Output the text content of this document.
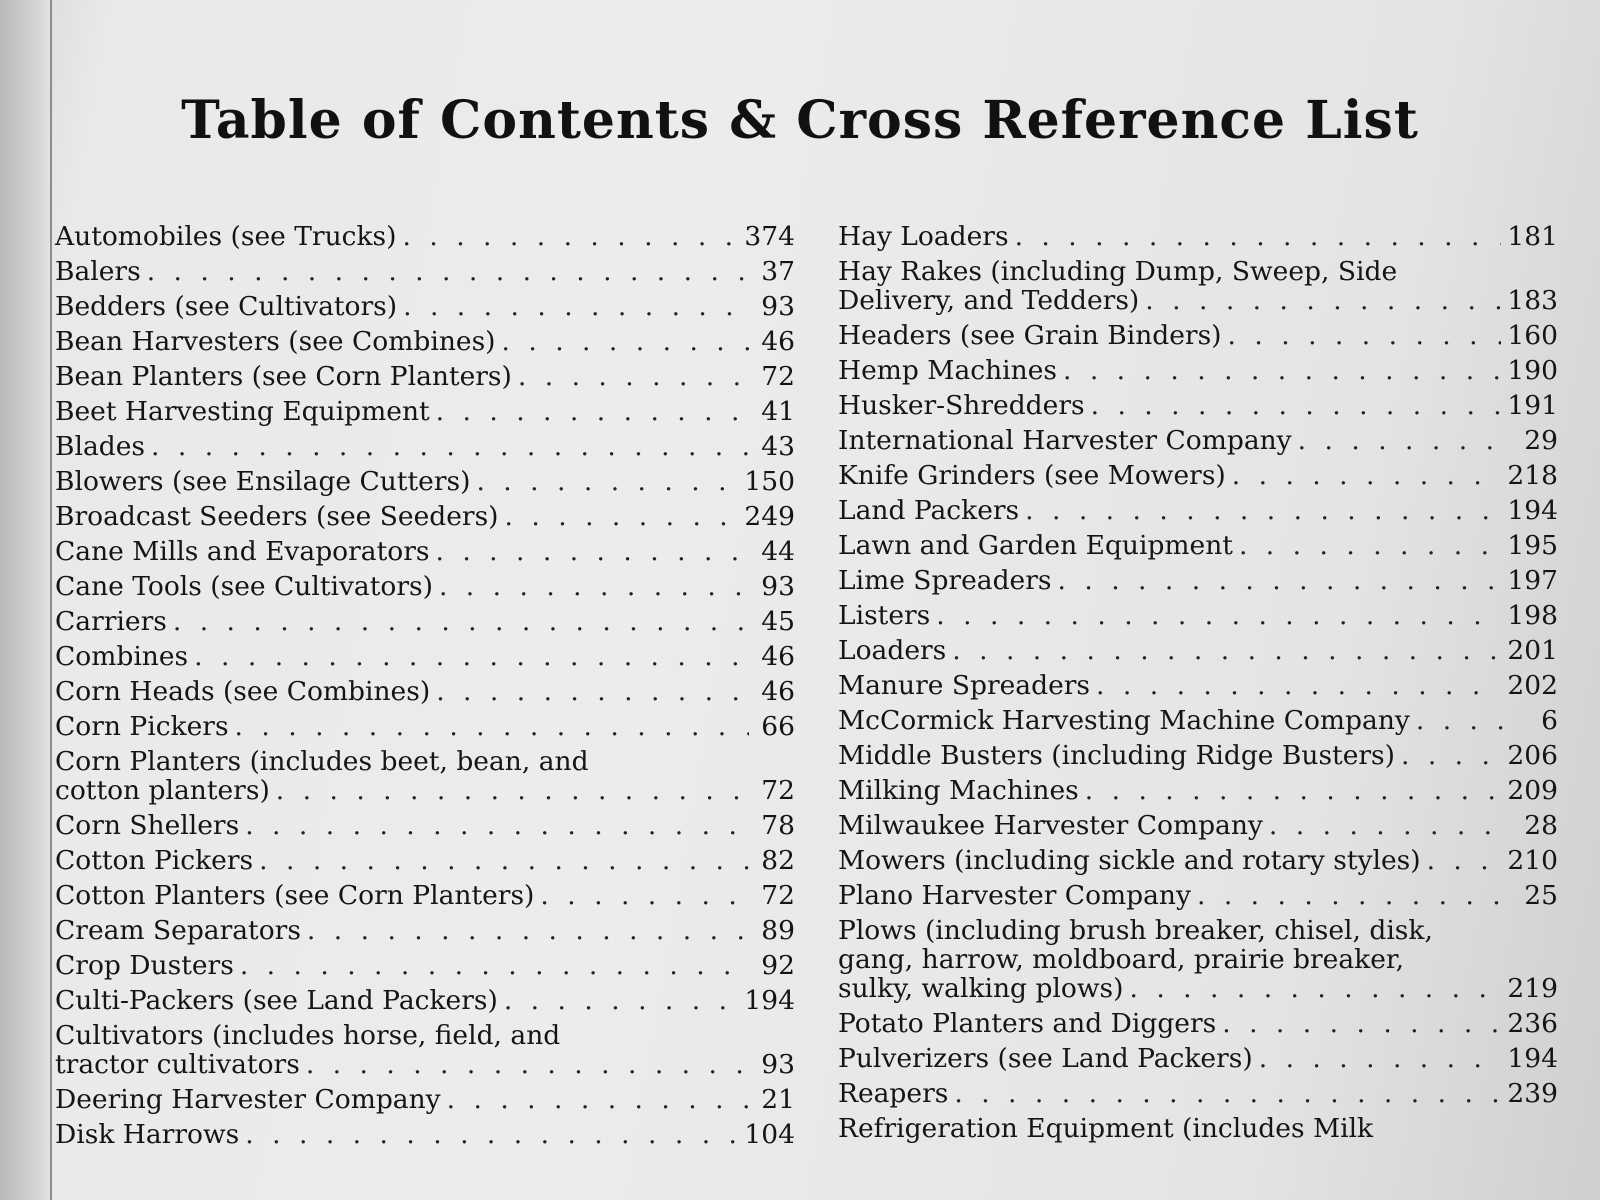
Table of Contents & Cross Reference List
Automobiles (see Trucks) . . .	374
Balers . . .	37
Bedders (see Cultivators) . . .	93
Bean Harvesters (see Combines) . . .	46
Bean Planters (see Corn Planters) . . .	72
Beet Harvesting Equipment . . .	41
Blades . . .	43
Blowers (see Ensilage Cutters) . . .	150
Broadcast Seeders (see Seeders) . . .	249
Cane Mills and Evaporators . . .	44
Cane Tools (see Cultivators) . . .	93
Carriers . . .	45
Combines . . .	46
Corn Heads (see Combines) . . .	46
Corn Pickers . . .	66
Corn Planters (includes beet, bean, and
cotton planters) . . .	72
Corn Shellers . . .	78
Cotton Pickers . . .	82
Cotton Planters (see Corn Planters) . . .	72
Cream Separators . . .	89
Crop Dusters . . .	92
Culti-Packers (see Land Packers) . . .	194
Cultivators (includes horse, field, and
tractor cultivators . . .	93
Deering Harvester Company . . .	21
Disk Harrows . . .	104
Hay Loaders . . .	181
Hay Rakes (including Dump, Sweep, Side
Delivery, and Tedders) . . .	183
Headers (see Grain Binders) . . .	160
Hemp Machines . . .	190
Husker-Shredders . . .	191
International Harvester Company . . .	29
Knife Grinders (see Mowers) . . .	218
Land Packers . . .	194
Lawn and Garden Equipment . . .	195
Lime Spreaders . . .	197
Listers . . .	198
Loaders . . .	201
Manure Spreaders . . .	202
McCormick Harvesting Machine Company . . .	6
Middle Busters (including Ridge Busters) . . .	206
Milking Machines . . .	209
Milwaukee Harvester Company . . .	28
Mowers (including sickle and rotary styles) . . .	210
Plano Harvester Company . . .	25
Plows (including brush breaker, chisel, disk,
gang, harrow, moldboard, prairie breaker,
sulky, walking plows) . . .	219
Potato Planters and Diggers . . .	236
Pulverizers (see Land Packers) . . .	194
Reapers . . .	239
Refrigeration Equipment (includes Milk
